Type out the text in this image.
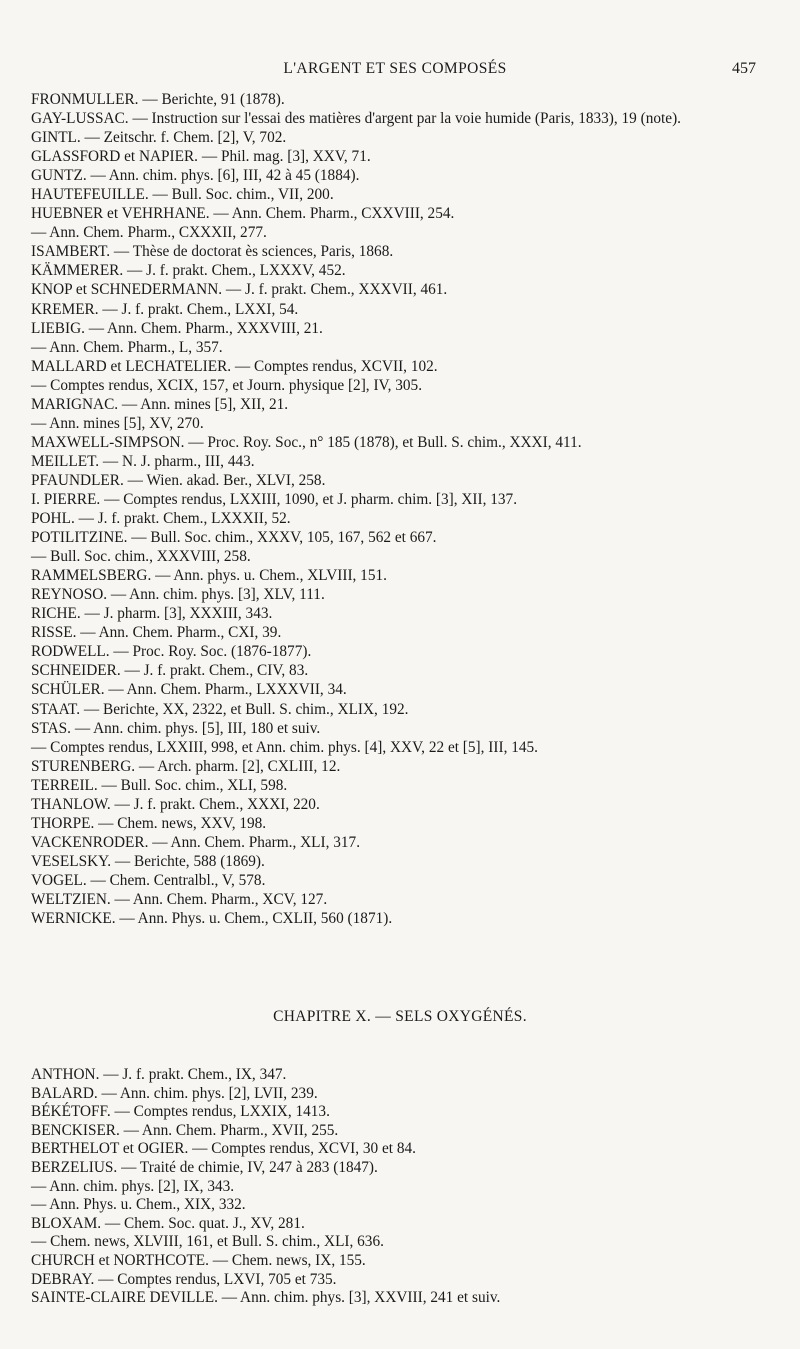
L'ARGENT ET SES COMPOSÉS	457
FRONMULLER. — Berichte, 91 (1878).
GAY-LUSSAC. — Instruction sur l'essai des matières d'argent par la voie humide (Paris, 1833), 19 (note).
GINTL. — Zeitschr. f. Chem. [2], V, 702.
GLASSFORD et NAPIER. — Phil. mag. [3], XXV, 71.
GUNTZ. — Ann. chim. phys. [6], III, 42 à 45 (1884).
HAUTEFEUILLE. — Bull. Soc. chim., VII, 200.
HUEBNER et VEHRHANE. — Ann. Chem. Pharm., CXXVIII, 254.
— Ann. Chem. Pharm., CXXXII, 277.
ISAMBERT. — Thèse de doctorat ès sciences, Paris, 1868.
KÄMMERER. — J. f. prakt. Chem., LXXXV, 452.
KNOP et SCHNEDERMANN. — J. f. prakt. Chem., XXXVII, 461.
KREMER. — J. f. prakt. Chem., LXXI, 54.
LIEBIG. — Ann. Chem. Pharm., XXXVIII, 21.
— Ann. Chem. Pharm., L, 357.
MALLARD et LECHATELIER. — Comptes rendus, XCVII, 102.
— Comptes rendus, XCIX, 157, et Journ. physique [2], IV, 305.
MARIGNAC. — Ann. mines [5], XII, 21.
— Ann. mines [5], XV, 270.
MAXWELL-SIMPSON. — Proc. Roy. Soc., n° 185 (1878), et Bull. S. chim., XXXI, 411.
MEILLET. — N. J. pharm., III, 443.
PFAUNDLER. — Wien. akad. Ber., XLVI, 258.
I. PIERRE. — Comptes rendus, LXXIII, 1090, et J. pharm. chim. [3], XII, 137.
POHL. — J. f. prakt. Chem., LXXXII, 52.
POTILITZINE. — Bull. Soc. chim., XXXV, 105, 167, 562 et 667.
— Bull. Soc. chim., XXXVIII, 258.
RAMMELSBERG. — Ann. phys. u. Chem., XLVIII, 151.
REYNOSO. — Ann. chim. phys. [3], XLV, 111.
RICHE. — J. pharm. [3], XXXIII, 343.
RISSE. — Ann. Chem. Pharm., CXI, 39.
RODWELL. — Proc. Roy. Soc. (1876-1877).
SCHNEIDER. — J. f. prakt. Chem., CIV, 83.
SCHÜLER. — Ann. Chem. Pharm., LXXXVII, 34.
STAAT. — Berichte, XX, 2322, et Bull. S. chim., XLIX, 192.
STAS. — Ann. chim. phys. [5], III, 180 et suiv.
— Comptes rendus, LXXIII, 998, et Ann. chim. phys. [4], XXV, 22 et [5], III, 145.
STURENBERG. — Arch. pharm. [2], CXLIII, 12.
TERREIL. — Bull. Soc. chim., XLI, 598.
THANLOW. — J. f. prakt. Chem., XXXI, 220.
THORPE. — Chem. news, XXV, 198.
VACKENRODER. — Ann. Chem. Pharm., XLI, 317.
VESELSKY. — Berichte, 588 (1869).
VOGEL. — Chem. Centralbl., V, 578.
WELTZIEN. — Ann. Chem. Pharm., XCV, 127.
WERNICKE. — Ann. Phys. u. Chem., CXLII, 560 (1871).
CHAPITRE X. — SELS OXYGÉNÉS.
ANTHON. — J. f. prakt. Chem., IX, 347.
BALARD. — Ann. chim. phys. [2], LVII, 239.
BÉKÉTOFF. — Comptes rendus, LXXIX, 1413.
BENCKISER. — Ann. Chem. Pharm., XVII, 255.
BERTHELOT et OGIER. — Comptes rendus, XCVI, 30 et 84.
BERZELIUS. — Traité de chimie, IV, 247 à 283 (1847).
— Ann. chim. phys. [2], IX, 343.
— Ann. Phys. u. Chem., XIX, 332.
BLOXAM. — Chem. Soc. quat. J., XV, 281.
— Chem. news, XLVIII, 161, et Bull. S. chim., XLI, 636.
CHURCH et NORTHCOTE. — Chem. news, IX, 155.
DEBRAY. — Comptes rendus, LXVI, 705 et 735.
SAINTE-CLAIRE DEVILLE. — Ann. chim. phys. [3], XXVIII, 241 et suiv.
